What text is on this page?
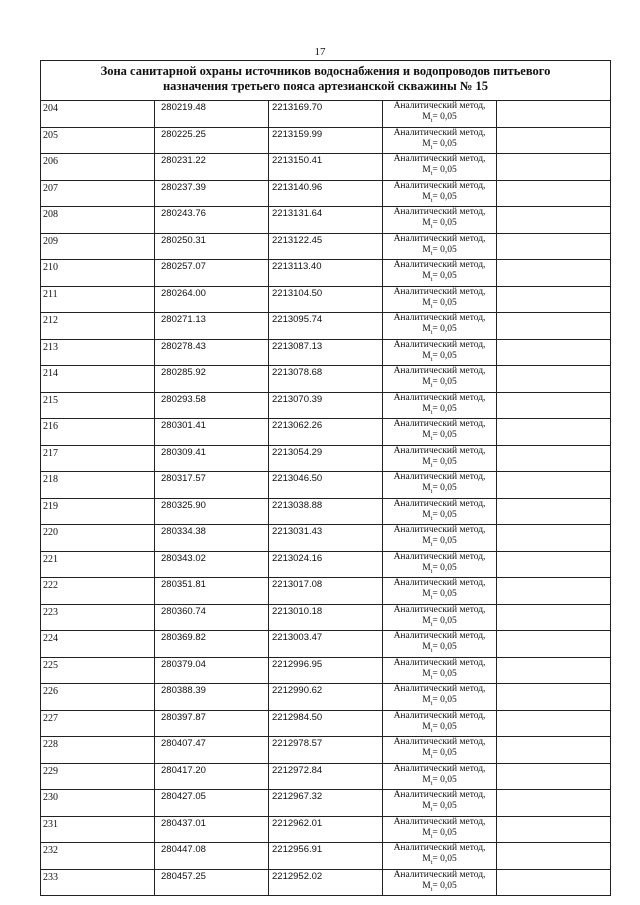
17
Зона санитарной охраны источников водоснабжения и водопроводов питьевого
назначения третьего пояса артезианской скважины № 15				

204	280219.48	2213169.70	Аналитический метод,
$M_t= 0,05$	

205	280225.25	2213159.99	Аналитический метод,
$M_t= 0,05$	

206	280231.22	2213150.41	Аналитический метод,
$M_t= 0,05$	

207	280237.39	2213140.96	Аналитический метод,
$M_t= 0,05$	

208	280243.76	2213131.64	Аналитический метод,
$M_t= 0,05$	

209	280250.31	2213122.45	Аналитический метод,
$M_t= 0,05$	

210	280257.07	2213113.40	Аналитический метод,
$M_t= 0,05$	

211	280264.00	2213104.50	Аналитический метод,
$M_t= 0,05$	

212	280271.13	2213095.74	Аналитический метод,
$M_t= 0,05$	

213	280278.43	2213087.13	Аналитический метод,
$M_t= 0,05$	

214	280285.92	2213078.68	Аналитический метод,
$M_t= 0,05$	

215	280293.58	2213070.39	Аналитический метод,
$M_t= 0,05$	

216	280301.41	2213062.26	Аналитический метод,
$M_t= 0,05$	

217	280309.41	2213054.29	Аналитический метод,
$M_t= 0,05$	

218	280317.57	2213046.50	Аналитический метод,
$M_t= 0,05$	

219	280325.90	2213038.88	Аналитический метод,
$M_t= 0,05$	

220	280334.38	2213031.43	Аналитический метод,
$M_t= 0,05$	

221	280343.02	2213024.16	Аналитический метод,
$M_t= 0,05$	

222	280351.81	2213017.08	Аналитический метод,
$M_t= 0,05$	

223	280360.74	2213010.18	Аналитический метод,
$M_t= 0,05$	

224	280369.82	2213003.47	Аналитический метод,
$M_t= 0,05$	

225	280379.04	2212996.95	Аналитический метод,
$M_t= 0,05$	

226	280388.39	2212990.62	Аналитический метод,
$M_t= 0,05$	

227	280397.87	2212984.50	Аналитический метод,
$M_t= 0,05$	

228	280407.47	2212978.57	Аналитический метод,
$M_t= 0,05$	

229	280417.20	2212972.84	Аналитический метод,
$M_t= 0,05$	

230	280427.05	2212967.32	Аналитический метод,
$M_t= 0,05$	

231	280437.01	2212962.01	Аналитический метод,
$M_t= 0,05$	

232	280447.08	2212956.91	Аналитический метод,
$M_t= 0,05$	

233	280457.25	2212952.02	Аналитический метод,
$M_t= 0,05$	
